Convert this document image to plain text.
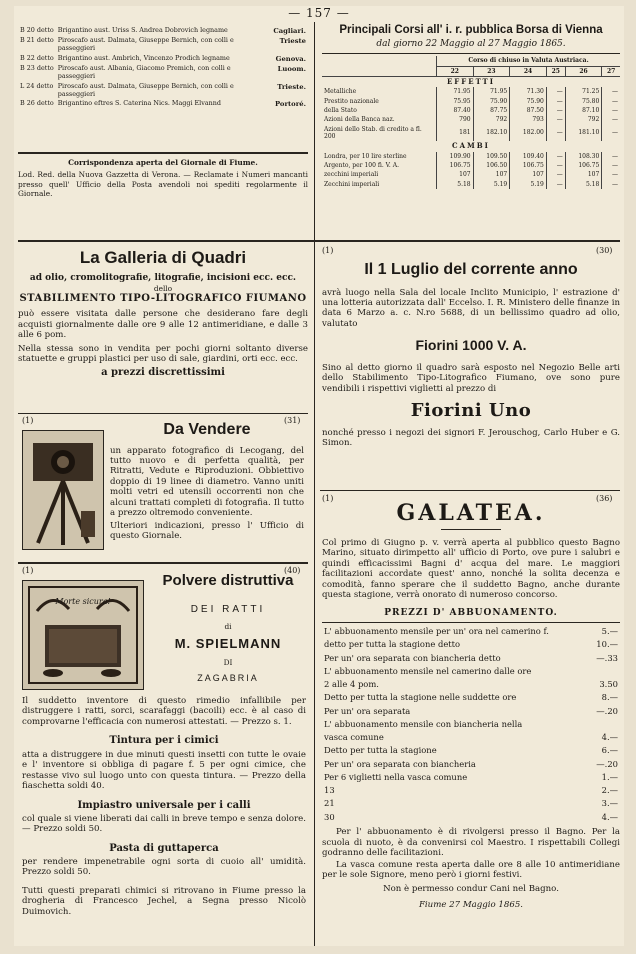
— 157 —
B 20 detto	Brigantino aust. Uriss S. Andrea Dobrovich legname	Cagliari.
B 21 detto	Piroscafo aust. Dalmata, Giuseppe Bernich, con colli e passeggieri	Trieste
B 22 detto	Brigantino aust. Ambrich, Vincenzo Prodich legname	Genova.
B 23 detto	Piroscafo aust. Albania, Giacomo Premich, con colli e passeggieri	Luoom.
L 24 detto	Piroscafo aust. Dalmata, Giuseppe Bernich, con colli e passeggieri	Trieste.
B 26 detto	Brigantino eftres S. Caterina Nics. Maggi Elvannd	Portoré.
Corrispondenza aperta del Giornale di Fiume.
Lod. Red. della Nuova Gazzetta di Verona. — Reclamate i Numeri mancanti presso quell' Ufficio della Posta avendoli noi spediti regolarmente il Giornale.
Principali Corsi all' i. r. pubblica Borsa di Vienna
dal giorno 22 Maggio al 27 Maggio 1865.
	Corso di chiuso in Valuta Austriaca.					
	22	23	24	25	26	27
EFFETTI						
Metalliche	71.95	71.95	71.30	—	71.25	—
Prestito nazionale	75.95	75.90	75.90	—	75.80	—
della Stato	87.40	87.75	87.50	—	87.10	—
Azioni della Banca naz.	790	792	793	—	792	—
Azioni dello Stab. di credito a fl. 200	181	182.10	182.00	—	181.10	—
CAMBI						
Londra, per 10 lire sterline	109.90	109.50	109.40	—	108.30	—
Argento, per 100 fi. V. A.	106.75	106.50	106.75	—	106.75	—
zecchini imperiali	107	107	107	—	107	—
Zecchini imperiali	5.18	5.19	5.19	—	5.18	—
La Galleria di Quadri
ad olio, cromolitografie, litografie, incisioni ecc. ecc.
dello
STABILIMENTO TIPO-LITOGRAFICO FIUMANO
può essere visitata dalle persone che desiderano fare degli acquisti giornalmente dalle ore 9 alle 12 antimeridiane, e dalle 3 alle 6 pom.
Nella stessa sono in vendita per pochi giorni soltanto diverse statuette e gruppi plastici per uso di sale, giardini, orti ecc. ecc.
a prezzi discrettissimi
(1)	(31)
Da Vendere
un apparato fotografico di Lecogang, del tutto nuovo e di perfetta qualità, per Ritratti, Vedute e Riproduzioni. Obbiettivo doppio di 19 linee di diametro. Vanno uniti molti vetri ed utensili occorrenti non che alcuni trattati completi di fotografia. Il tutto a prezzo oltremodo conveniente.
Ulteriori indicazioni, presso l' Ufficio di questo Giornale.
(1)	(40)
Morte sicura!
Polvere distruttiva
DEI RATTI
di
M. SPIELMANN
DI
ZAGABRIA
Il suddetto inventore di questo rimedio infallibile per distruggere i ratti, sorci, scarafaggi (bacoili) ecc. è al caso di comprovarne l'efficacia con numerosi attestati. — Prezzo s. 1.
Tintura per i cimici
atta a distruggere in due minuti questi insetti con tutte le ovaie e l' inventore si obbliga di pagare f. 5 per ogni cimice, che restasse vivo sul luogo unto con questa tintura. — Prezzo della fiaschetta soldi 40.
Impiastro universale per i calli
col quale si viene liberati dai calli in breve tempo e senza dolore. — Prezzo soldi 50.
Pasta di guttaperca
per rendere impenetrabile ogni sorta di cuoio all' umidità. Prezzo soldi 50.
Tutti questi preparati chimici si ritrovano in Fiume presso la drogheria di Francesco Jechel, a Segna presso Nicolò Duimovich.
(1)	(30)
Il 1 Luglio del corrente anno
avrà luogo nella Sala del locale Inclito Municipio, l' estrazione d' una lotteria autorizzata dall' Eccelso. I. R. Ministero delle finanze in data 6 Marzo a. c. N.ro 5688, di un bellissimo quadro ad olio, valutato
Fiorini 1000 V. A.
Sino al detto giorno il quadro sarà esposto nel Negozio Belle arti dello Stabilimento Tipo-Litografico Fiumano, ove sono pure vendibili i rispettivi viglietti al prezzo di
Fiorini Uno
nonché presso i negozi dei signori F. Jerouschog, Carlo Huber e G. Simon.
(1)	(36)
GALATEA.
Col primo di Giugno p. v. verrà aperta al pubblico questo Bagno Marino, situato dirimpetto all' ufficio di Porto, ove pure i salubri e quindi efficacissimi Bagni d' acqua del mare. Le maggiori facilitazioni accordate quest' anno, nonché la solita decenza e comodità, fanno sperare che il suddetto Bagno, anche durante questa stagione, verrà onorato di numeroso concorso.
PREZZI D' ABBUONAMENTO.
L' abbuonamento mensile per un' ora nel camerino f.	5.—
detto per tutta la stagione detto	10.—
Per un' ora separata con biancheria detto	—.33
L' abbuonamento mensile nel camerino dalle ore	
2 alle 4 pom.	3.50
Detto per tutta la stagione nelle suddette ore	8.—
Per un' ora separata	—.20
L' abbuonamento mensile con biancheria nella	
vasca comune	4.—
Detto per tutta la stagione	6.—
Per un' ora separata con biancheria	—.20
Per 6 viglietti nella vasca comune	1.—
13	2.—
21	3.—
30	4.—
Per l' abbuonamento è di rivolgersi presso il Bagno. Per la scuola di nuoto, è da convenirsi col Maestro. I rispettabili Collegi godranno delle facilitazioni.
La vasca comune resta aperta dalle ore 8 alle 10 antimeridiane per le sole Signore, meno però i giorni festivi.
Non è permesso condur Cani nel Bagno.
Fiume 27 Maggio 1865.
